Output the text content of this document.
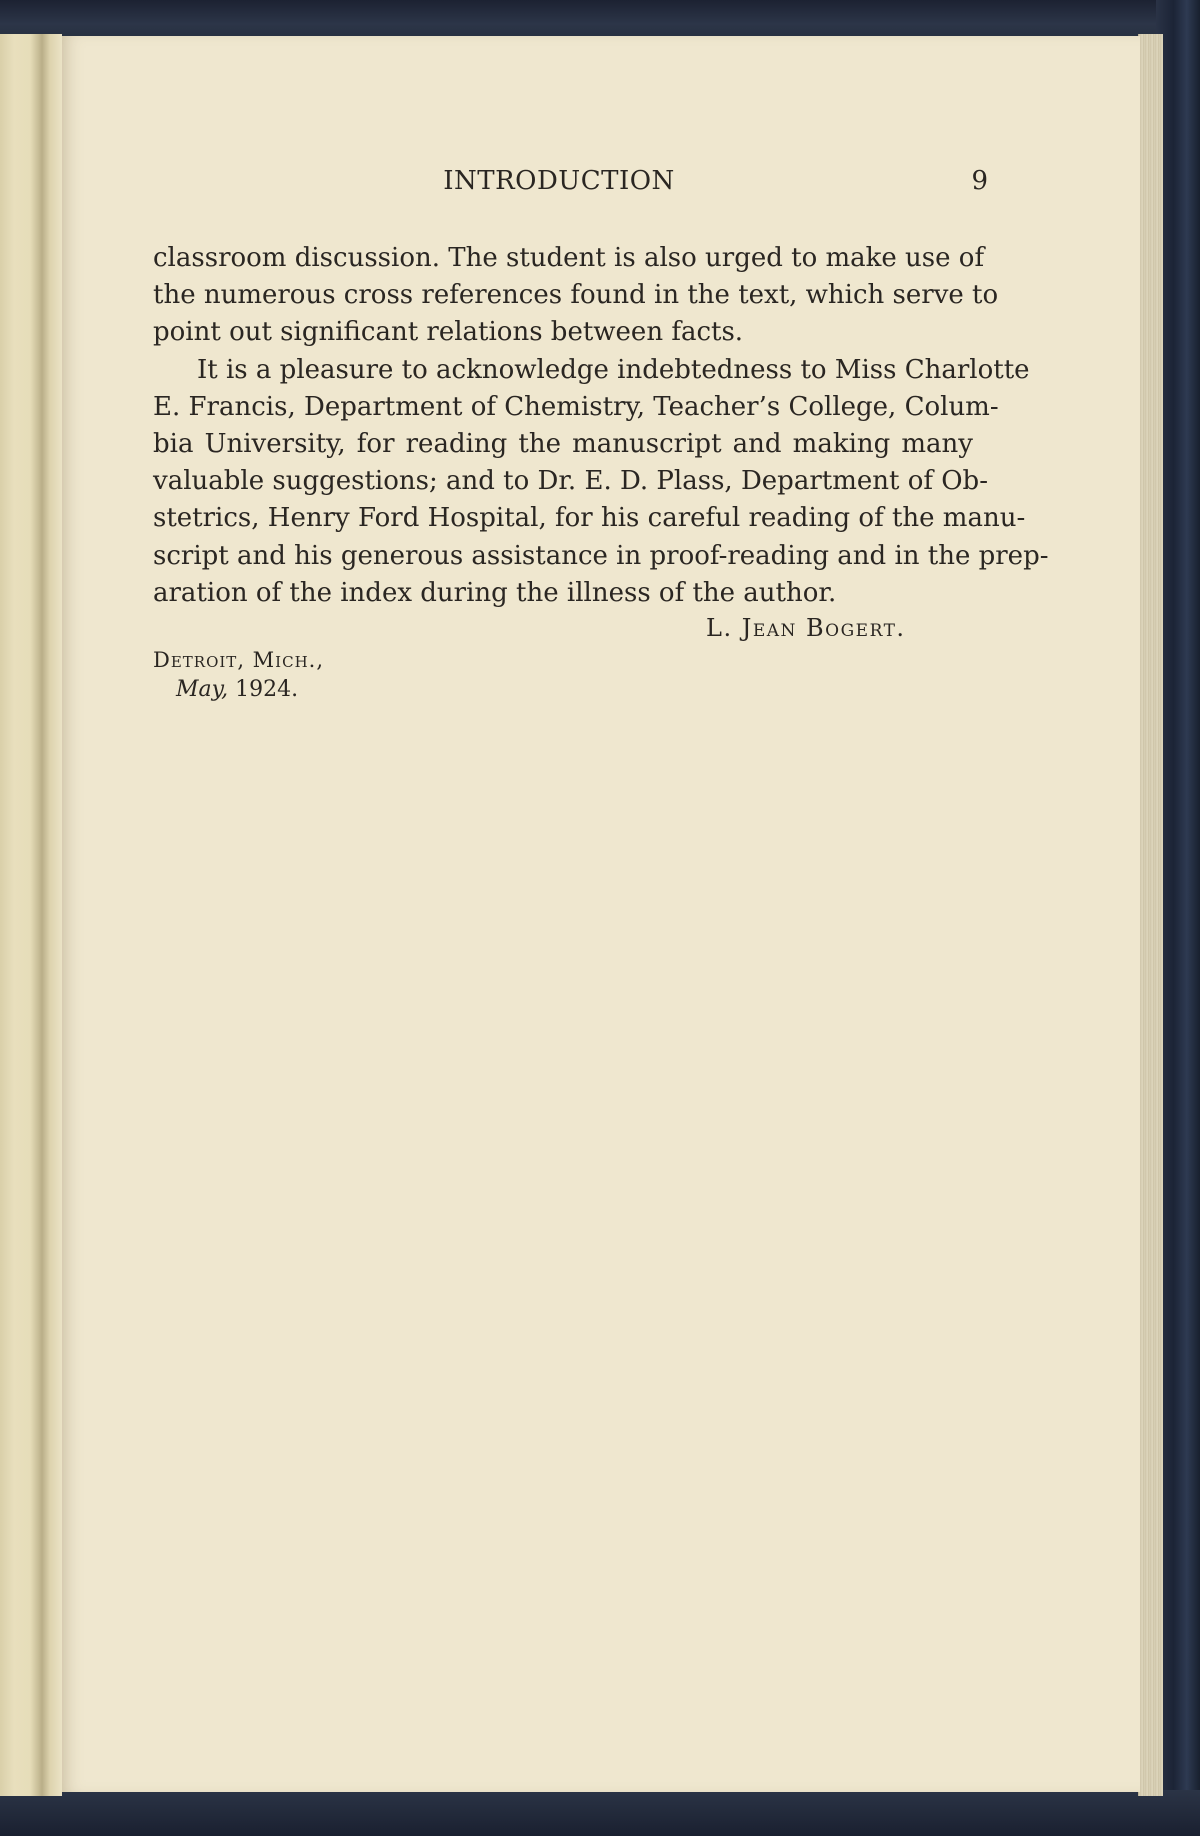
INTRODUCTION	9
classroom discussion. The student is also urged to make use of
the numerous cross references found in the text, which serve to
point out significant relations between facts.
It is a pleasure to acknowledge indebtedness to Miss Charlotte
E. Francis, Department of Chemistry, Teacher’s College, Colum-
bia University, for reading the manuscript and making many
valuable suggestions; and to Dr. E. D. Plass, Department of Ob-
stetrics, Henry Ford Hospital, for his careful reading of the manu-
script and his generous assistance in proof-reading and in the prep-
aration of the index during the illness of the author.
L. Jean Bogert.
Detroit, Mich.,
May, 1924.
